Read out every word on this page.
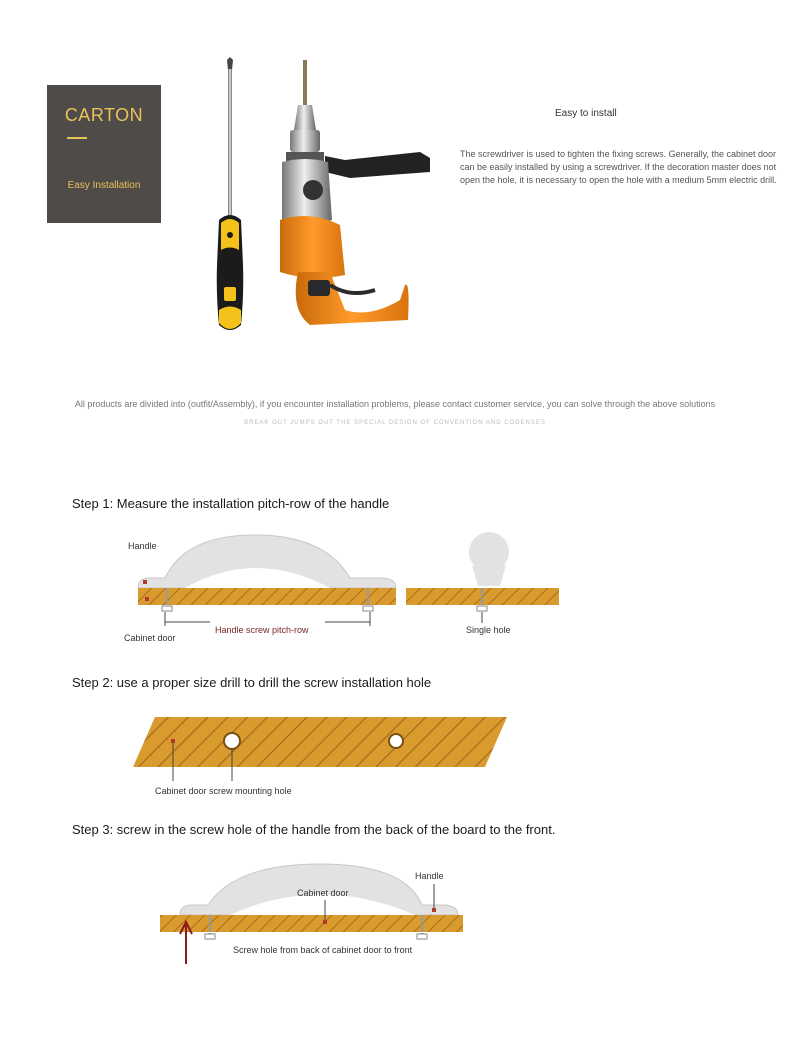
CARTON
Easy Installation
Easy to install
The screwdriver is used to tighten the fixing screws. Generally, the cabinet door can be easily installed by using a screwdriver. If the decoration master does not open the hole, it is necessary to open the hole with a medium 5mm electric drill.
All products are divided into (outfit/Assembly), if you encounter installation problems, please contact customer service, you can solve through the above solutions
BREAK OUT JUMPS OUT THE SPECIAL DESIGN OF CONVENTION AND CODENSES
Step 1: Measure the installation pitch-row of the handle
Handle
Cabinet door
Handle screw pitch-row	Single hole
Step 2: use a proper size drill to drill the screw installation hole
Cabinet door screw mounting hole
Step 3: screw in the screw hole of the handle from the back of the board to the front.
Handle
Cabinet door
Screw hole from back of cabinet door to front
